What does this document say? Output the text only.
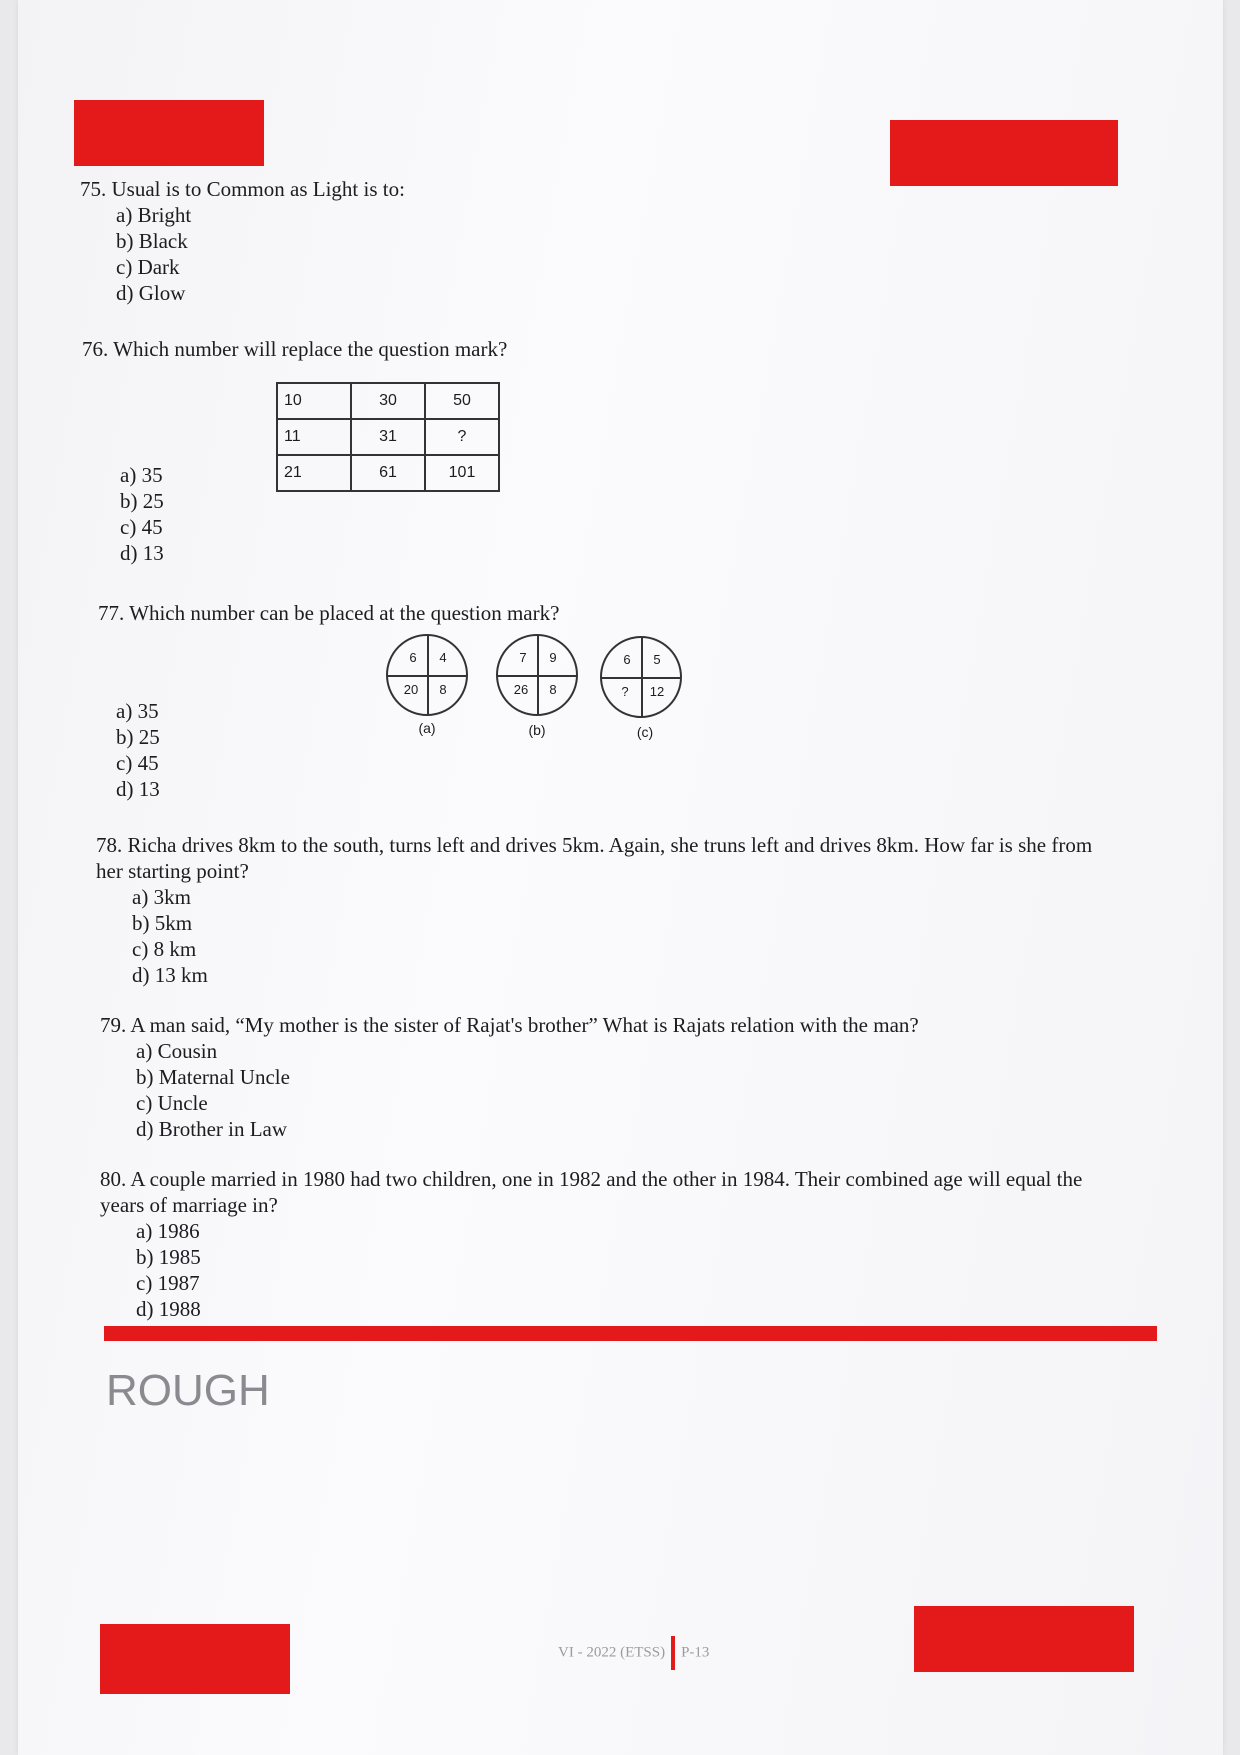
75. Usual is to Common as Light is to:
a) Bright
b) Black
c) Dark
d) Glow
76. Which number will replace the question mark?
10	30	50
11	31	?
21	61	101
a) 35
b) 25
c) 45
d) 13
77. Which number can be placed at the question mark?
6	4
20	8
(a)
7	9
26	8
(b)
6	5
?	12
(c)
a) 35
b) 25
c) 45
d) 13
78. Richa drives 8km to the south, turns left and drives 5km. Again, she truns left and drives 8km. How far is she from her starting point?
a) 3km
b) 5km
c) 8 km
d) 13 km
79. A man said, “My mother is the sister of Rajat's brother” What is Rajats relation with the man?
a) Cousin
b) Maternal Uncle
c) Uncle
d) Brother in Law
80. A couple married in 1980 had two children, one in 1982 and the other in 1984. Their combined age will equal the years of marriage in?
a) 1986
b) 1985
c) 1987
d) 1988
ROUGH
VI - 2022 (ETSS) P-13
